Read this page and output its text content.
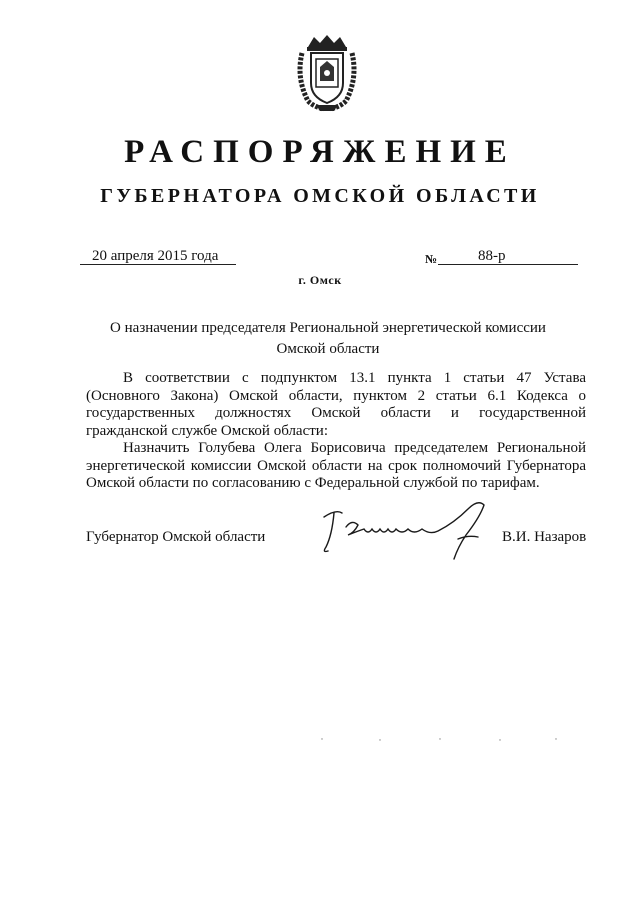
РАСПОРЯЖЕНИЕ
ГУБЕРНАТОРА ОМСКОЙ ОБЛАСТИ
20 апреля 2015 года	№	88-р
г. Омск
О назначении председателя Региональной энергетической комиссии
Омской области

В соответствии с подпунктом 13.1 пункта 1 статьи 47 Устава (Основного Закона) Омской области, пунктом 2 статьи 6.1 Кодекса о государственных должностях Омской области и государственной гражданской службе Омской области:

Назначить Голубева Олега Борисовича председателем Региональной энергетической комиссии Омской области на срок полномочий Губернатора Омской области по согласованию с Федеральной службой по тарифам.

Губернатор Омской области	В.И. Назаров
